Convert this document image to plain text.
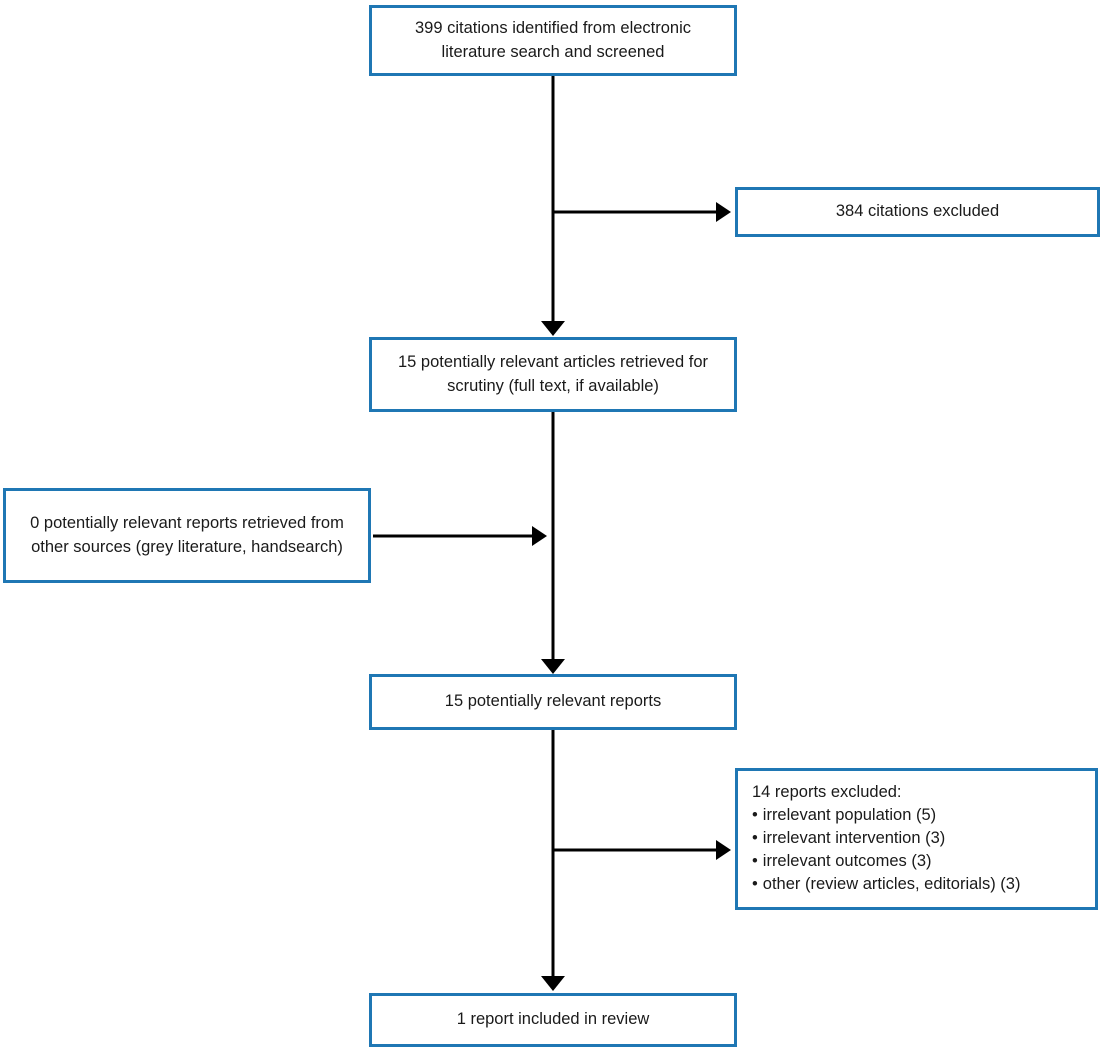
399 citations identified from electronic literature search and screened
384 citations excluded
15 potentially relevant articles retrieved for scrutiny (full text, if available)
0 potentially relevant reports retrieved from other sources (grey literature, handsearch)
15 potentially relevant reports
14 reports excluded:
• irrelevant population (5)
• irrelevant intervention (3)
• irrelevant outcomes (3)
• other (review articles, editorials) (3)
1 report included in review
